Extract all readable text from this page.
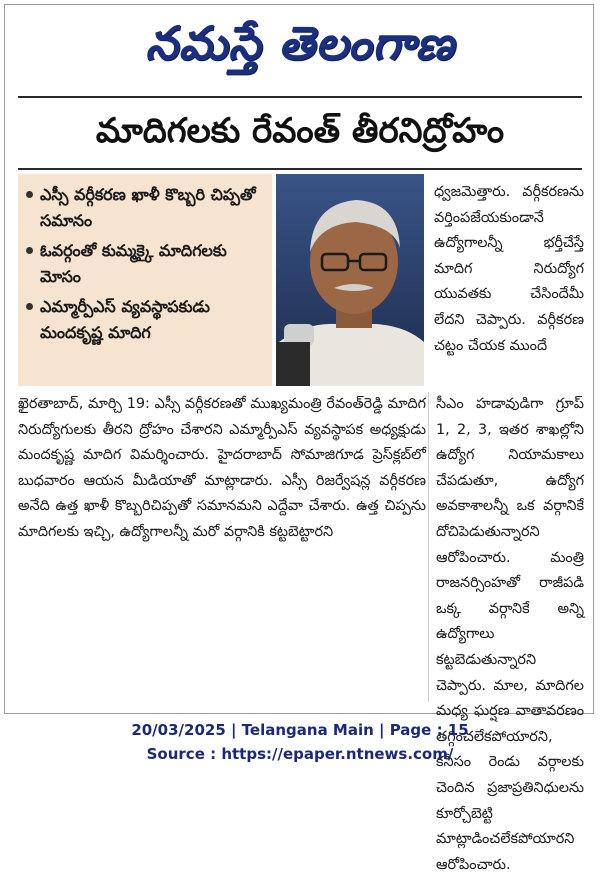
నమస్తే తెలంగాణ
మాదిగలకు రేవంత్ తీరనిద్రోహం
ఎస్సీ వర్గీకరణ ఖాళీ కొబ్బరి చిప్పతో సమానం
ఓవర్గంతో కుమ్మక్కై మాదిగలకు మోసం
ఎమ్మార్పీఎస్ వ్యవస్థాపకుడు మందకృష్ణ మాదిగ
ధ్వజమెత్తారు. వర్గీకరణను వర్తింపజేయకుండానే ఉద్యోగాలన్నీ భర్తీచేస్తే మాదిగ నిరుద్యోగ యువతకు చేసిందేమీ లేదని చెప్పారు. వర్గీకరణ చట్టం చేయక ముందే
ఖైరతాబాద్, మార్చి 19: ఎస్సీ వర్గీకరణతో ముఖ్యమంత్రి రేవంత్‌రెడ్డి మాదిగ నిరుద్యోగులకు తీరని ద్రోహం చేశారని ఎమ్మార్పీఎస్ వ్యవస్థాపక అధ్యక్షుడు మందకృష్ణ మాదిగ విమర్శించారు. హైదరాబాద్ సోమాజిగూడ ప్రెస్‌క్లబ్‌లో బుధవారం ఆయన మీడియాతో మాట్లాడారు. ఎస్సీ రిజర్వేషన్ల వర్గీకరణ అనేది ఉత్త ఖాళీ కొబ్బరిచిప్పతో సమానమని ఎద్దేవా చేశారు. ఉత్త చిప్పను మాదిగలకు ఇచ్చి, ఉద్యోగాలన్నీ మరో వర్గానికి కట్టబెట్టారని
సీఎం హడావుడిగా గ్రూప్ 1, 2, 3, ఇతర శాఖల్లోని ఉద్యోగ నియామకాలు చేపడుతూ, ఉద్యోగ అవకాశాలన్నీ ఒక వర్గానికే దోచిపెడుతున్నారని ఆరోపించారు. మంత్రి రాజనర్సింహతో రాజీపడి ఒక్క వర్గానికే అన్ని ఉద్యోగాలు కట్టబెడుతున్నారని చెప్పారు. మాల, మాదిగల మధ్య ఘర్షణ వాతావరణం తగ్గించలేకపోయారని, కనీసం రెండు వర్గాలకు చెందిన ప్రజాప్రతినిధులను కూర్చోబెట్టి మాట్లాడించలేకపోయారని ఆరోపించారు.
20/03/2025 | Telangana Main | Page : 15
Source : https://epaper.ntnews.com/
